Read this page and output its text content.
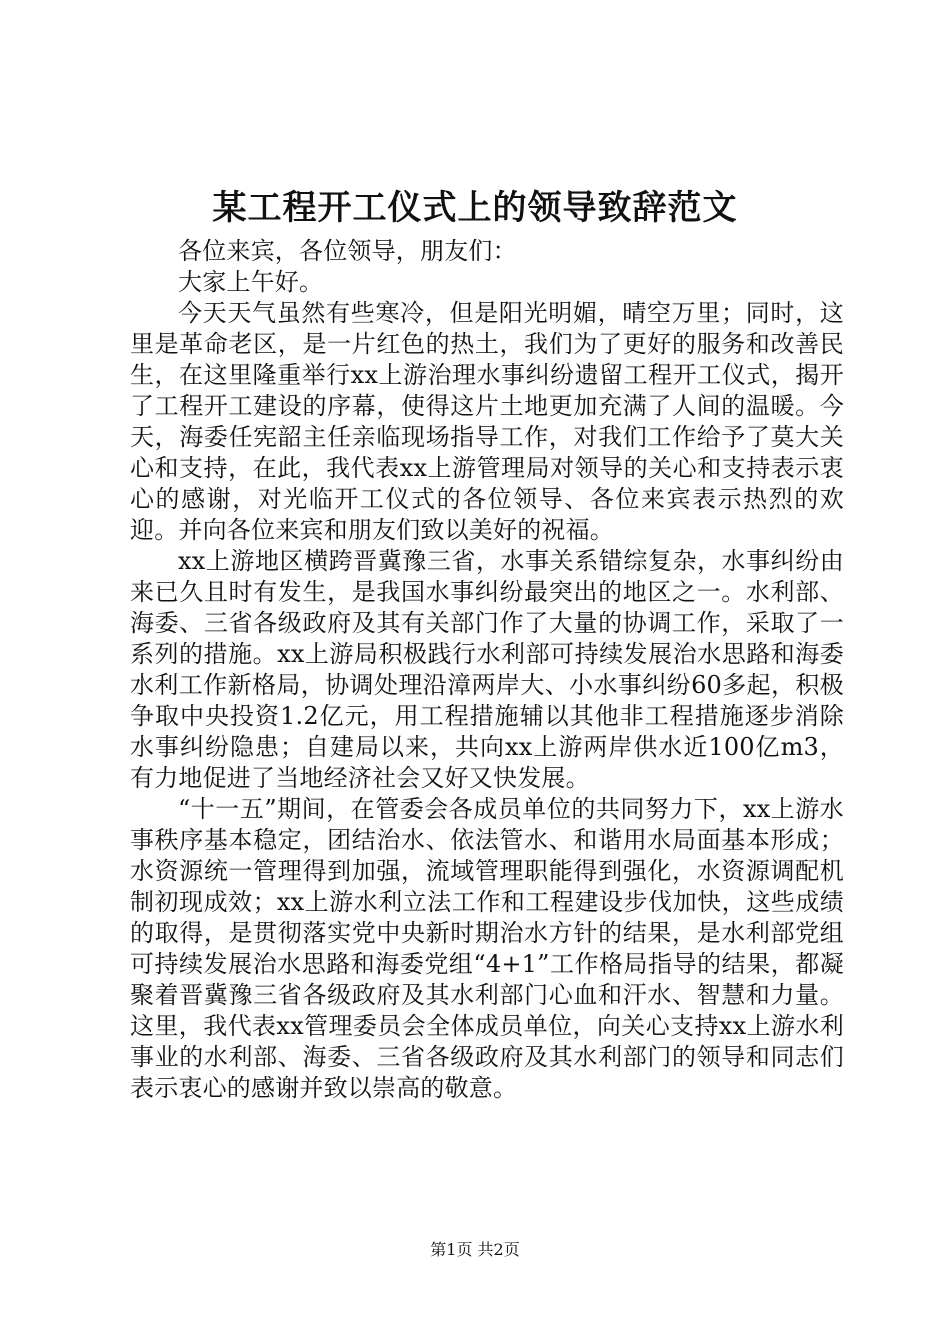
某工程开工仪式上的领导致辞范文

各位来宾，各位领导，朋友们：

大家上午好。

今天天气虽然有些寒冷，但是阳光明媚，晴空万里；同时，这里是革命老区，是一片红色的热土，我们为了更好的服务和改善民生，在这里隆重举行xx上游治理水事纠纷遗留工程开工仪式，揭开了工程开工建设的序幕，使得这片土地更加充满了人间的温暖。今天，海委任宪韶主任亲临现场指导工作，对我们工作给予了莫大关心和支持，在此，我代表xx上游管理局对领导的关心和支持表示衷心的感谢，对光临开工仪式的各位领导、各位来宾表示热烈的欢迎。并向各位来宾和朋友们致以美好的祝福。

xx上游地区横跨晋冀豫三省，水事关系错综复杂，水事纠纷由来已久且时有发生，是我国水事纠纷最突出的地区之一。水利部、海委、三省各级政府及其有关部门作了大量的协调工作，采取了一系列的措施。xx上游局积极践行水利部可持续发展治水思路和海委水利工作新格局，协调处理沿漳两岸大、小水事纠纷60多起，积极争取中央投资1.2亿元，用工程措施辅以其他非工程措施逐步消除水事纠纷隐患；自建局以来，共向xx上游两岸供水近100亿m3，有力地促进了当地经济社会又好又快发展。

“十一五”期间，在管委会各成员单位的共同努力下，xx上游水事秩序基本稳定，团结治水、依法管水、和谐用水局面基本形成；水资源统一管理得到加强，流域管理职能得到强化，水资源调配机制初现成效；xx上游水利立法工作和工程建设步伐加快，这些成绩的取得，是贯彻落实党中央新时期治水方针的结果，是水利部党组可持续发展治水思路和海委党组“4+1”工作格局指导的结果，都凝聚着晋冀豫三省各级政府及其水利部门心血和汗水、智慧和力量。这里，我代表xx管理委员会全体成员单位，向关心支持xx上游水利事业的水利部、海委、三省各级政府及其水利部门的领导和同志们表示衷心的感谢并致以崇高的敬意。

第1页 共2页
